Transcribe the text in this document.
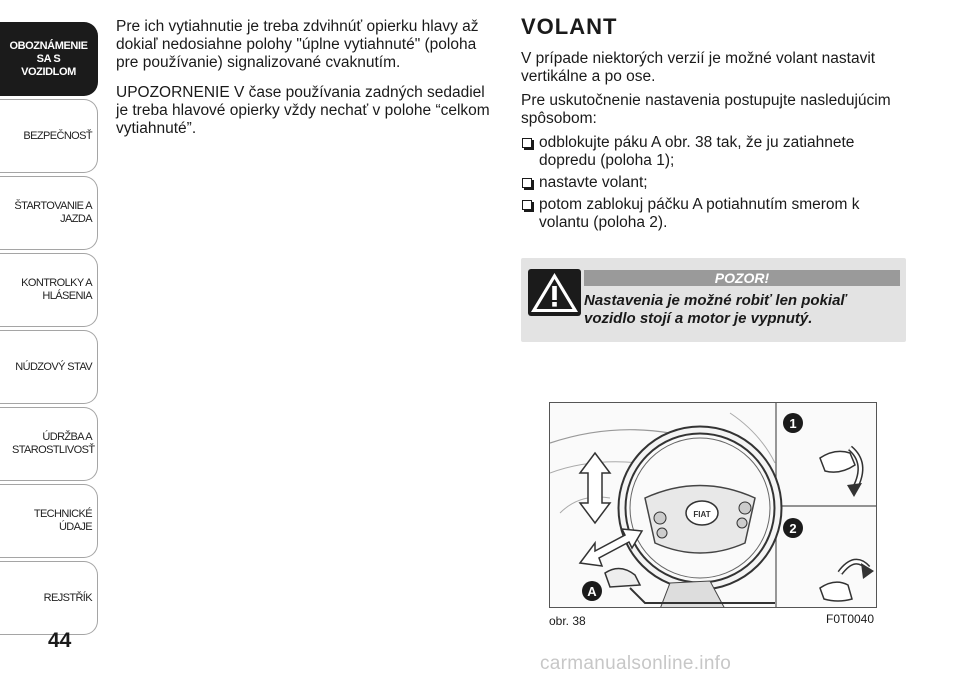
OBOZNÁMENIE SA S VOZIDLOM
BEZPEČNOSŤ
ŠTARTOVANIE A JAZDA
KONTROLKY A HLÁSENIA
NÚDZOVÝ STAV
ÚDRŽBA A STAROSTLIVOSŤ
TECHNICKÉ ÚDAJE
REJSTŘÍK
44

Pre ich vytiahnutie je treba zdvihnúť opierku hlavy až dokiaľ nedosiahne polohy "úplne vytiahnuté" (poloha pre používanie) signalizované cvaknutím.

UPOZORNENIE V čase používania zadných sedadiel je treba hlavové opierky vždy nechať v polohe “celkom vytiahnuté”.

VOLANT

V prípade niektorých verzií je možné volant nastavit vertikálne a po ose.

Pre uskutočnenie nastavenia postupujte nasledujúcim spôsobom:

odblokujte páku A obr. 38 tak, že ju zatiahnete dopredu (poloha 1);
nastavte volant;
potom zablokuj páčku A potiahnutím smerom k volantu (poloha 2).
POZOR!
Nastavenia je možné robiť len pokiaľ vozidlo stojí a motor je vypnutý.
FIAT
1
2
A
obr. 38	F0T0040
carmanualsonline.info
